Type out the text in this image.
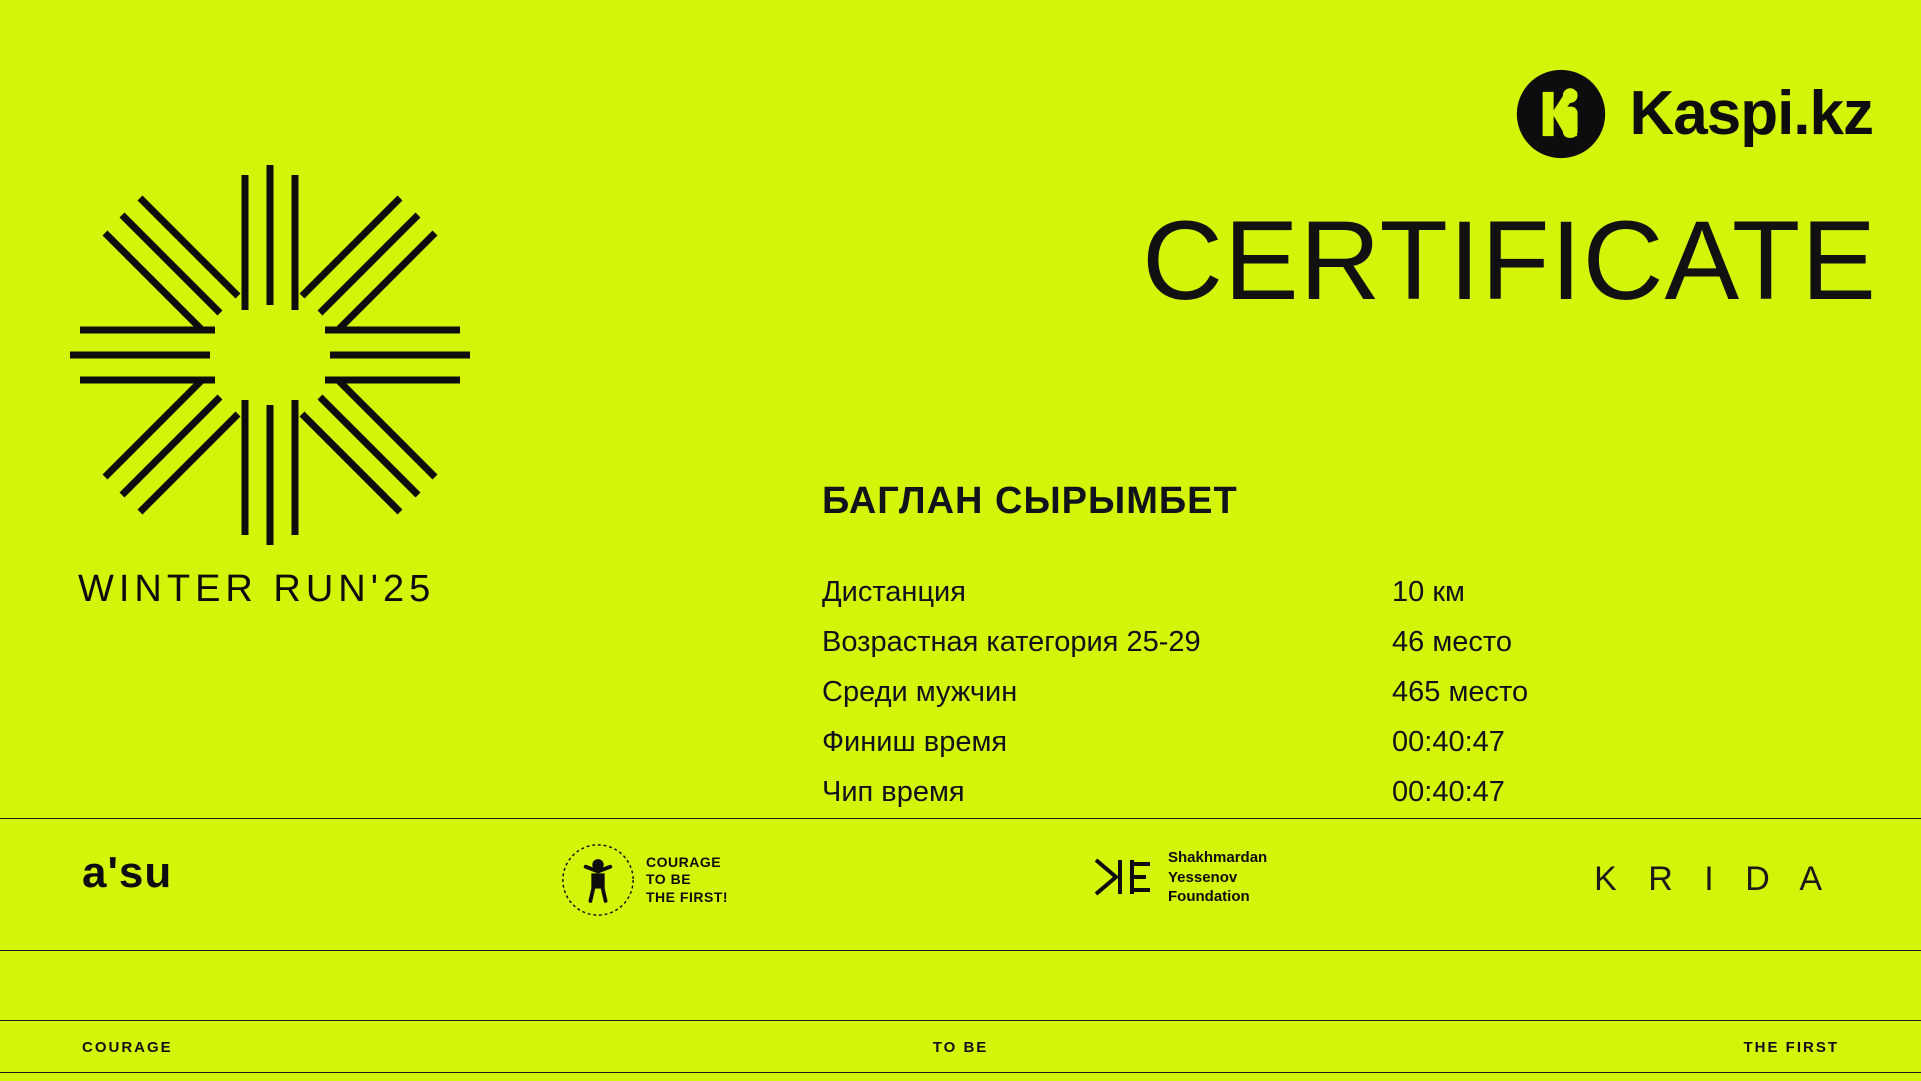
Kaspi.kz
WINTER RUN'25
CERTIFICATE
БАГЛАН СЫРЫМБЕТ
Дистанция	10 км
Возрастная категория 25-29	46 место
Среди мужчин	465 место
Финиш время	00:40:47
Чип время	00:40:47
a'su	COURAGE
TO BE
THE FIRST!
Shakhmardan
Yessenov
Foundation	K R I D A
COURAGE	TO BE	THE FIRST
